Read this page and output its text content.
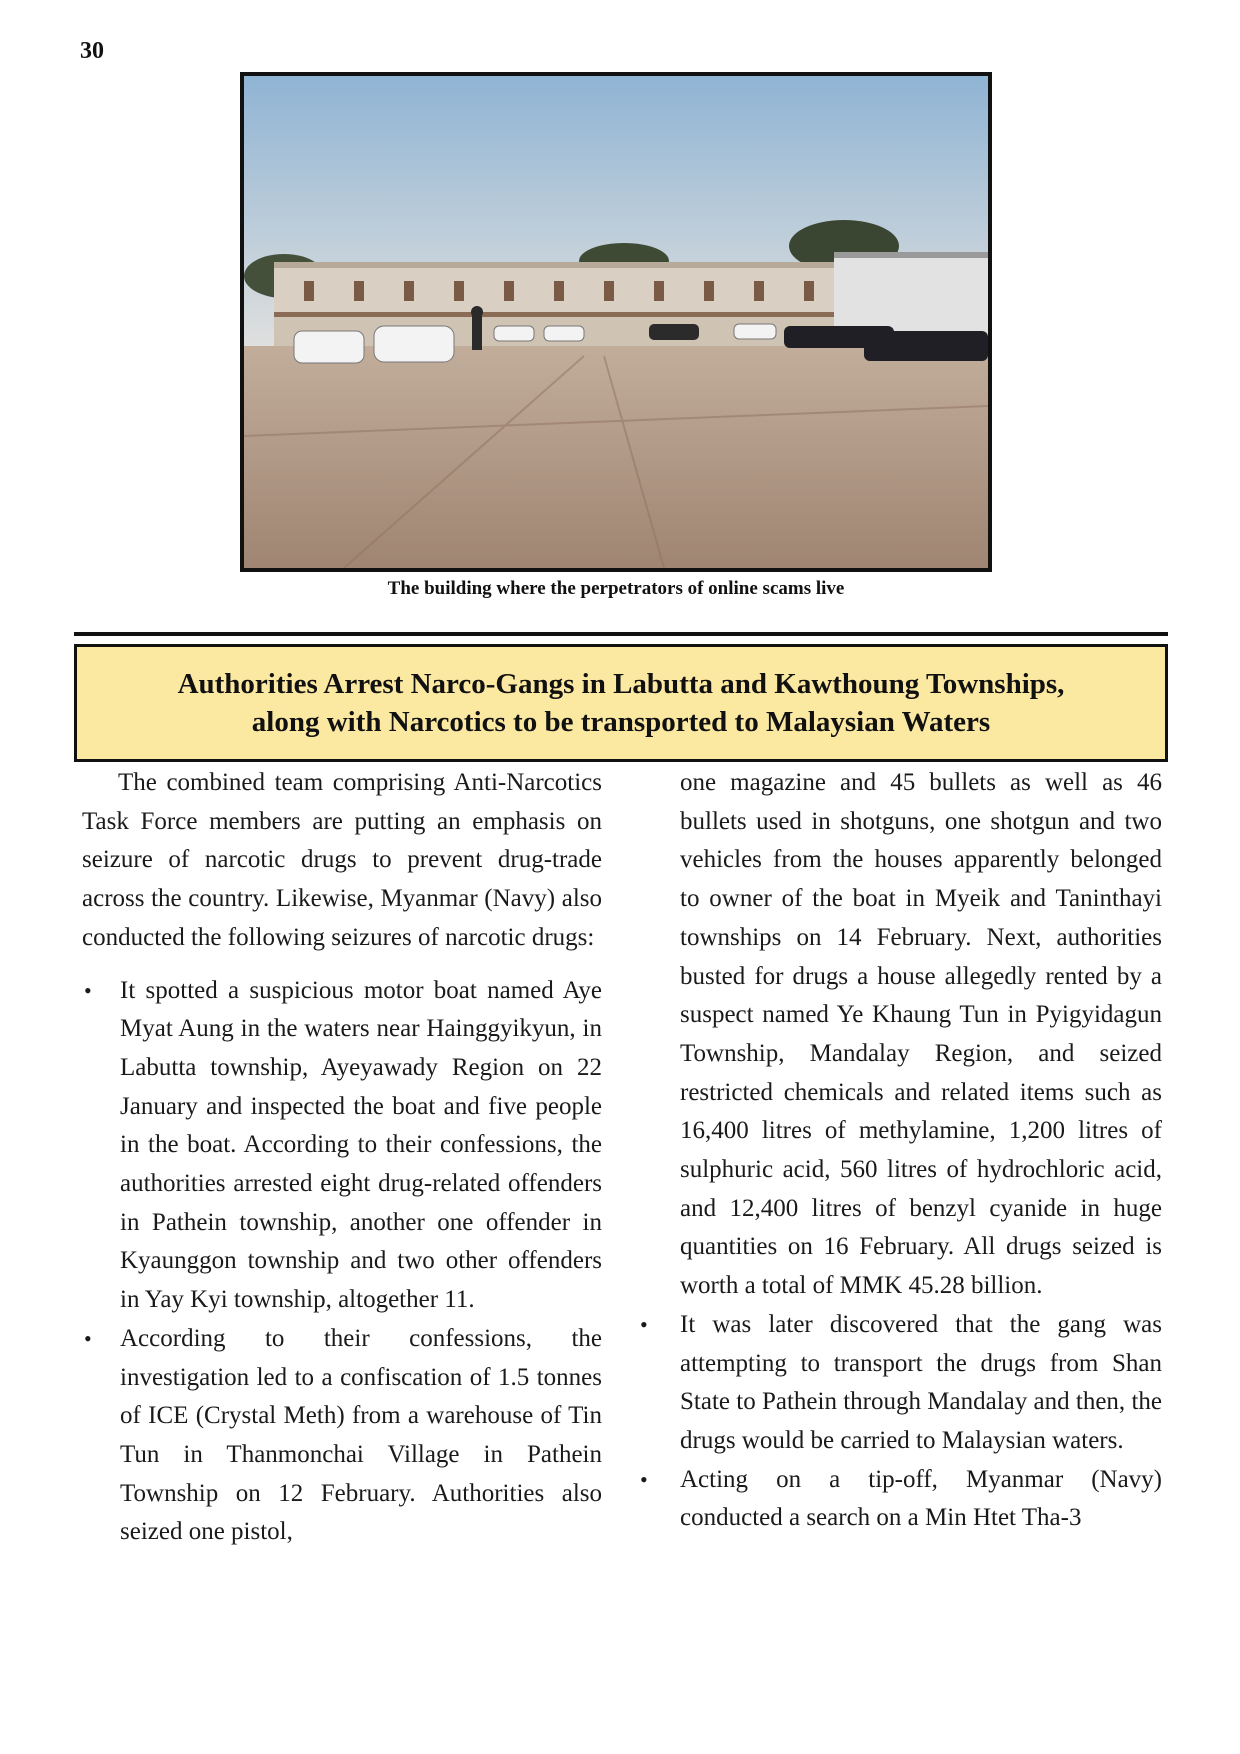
30
The building where the perpetrators of online scams live
Authorities Arrest Narco-Gangs in Labutta and Kawthoung Townships,
along with Narcotics to be transported to Malaysian Waters

The combined team comprising Anti-Narcotics Task Force members are putting an emphasis on seizure of narcotic drugs to prevent drug-trade across the country. Likewise, Myanmar (Navy) also conducted the following seizures of narcotic drugs:

• It spotted a suspicious motor boat named Aye Myat Aung in the waters near Hainggyikyun, in Labutta township, Ayeyawady Region on 22 January and inspected the boat and five people in the boat. According to their confessions, the authorities arrested eight drug-related offenders in Pathein township, another one offender in Kyaunggon township and two other offenders in Yay Kyi township, altogether 11.
• According to their confessions, the investigation led to a confiscation of 1.5 tonnes of ICE (Crystal Meth) from a warehouse of Tin Tun in Thanmonchai Village in Pathein Township on 12 February. Authorities also seized one pistol,

one magazine and 45 bullets as well as 46 bullets used in shotguns, one shotgun and two vehicles from the houses apparently belonged to owner of the boat in Myeik and Taninthayi townships on 14 February. Next, authorities busted for drugs a house allegedly rented by a suspect named Ye Khaung Tun in Pyigyidagun Township, Mandalay Region, and seized restricted chemicals and related items such as 16,400 litres of methylamine, 1,200 litres of sulphuric acid, 560 litres of hydrochloric acid, and 12,400 litres of benzyl cyanide in huge quantities on 16 February. All drugs seized is worth a total of MMK 45.28 billion.

• It was later discovered that the gang was attempting to transport the drugs from Shan State to Pathein through Mandalay and then, the drugs would be carried to Malaysian waters.
• Acting on a tip-off, Myanmar (Navy) conducted a search on a Min Htet Tha-3
